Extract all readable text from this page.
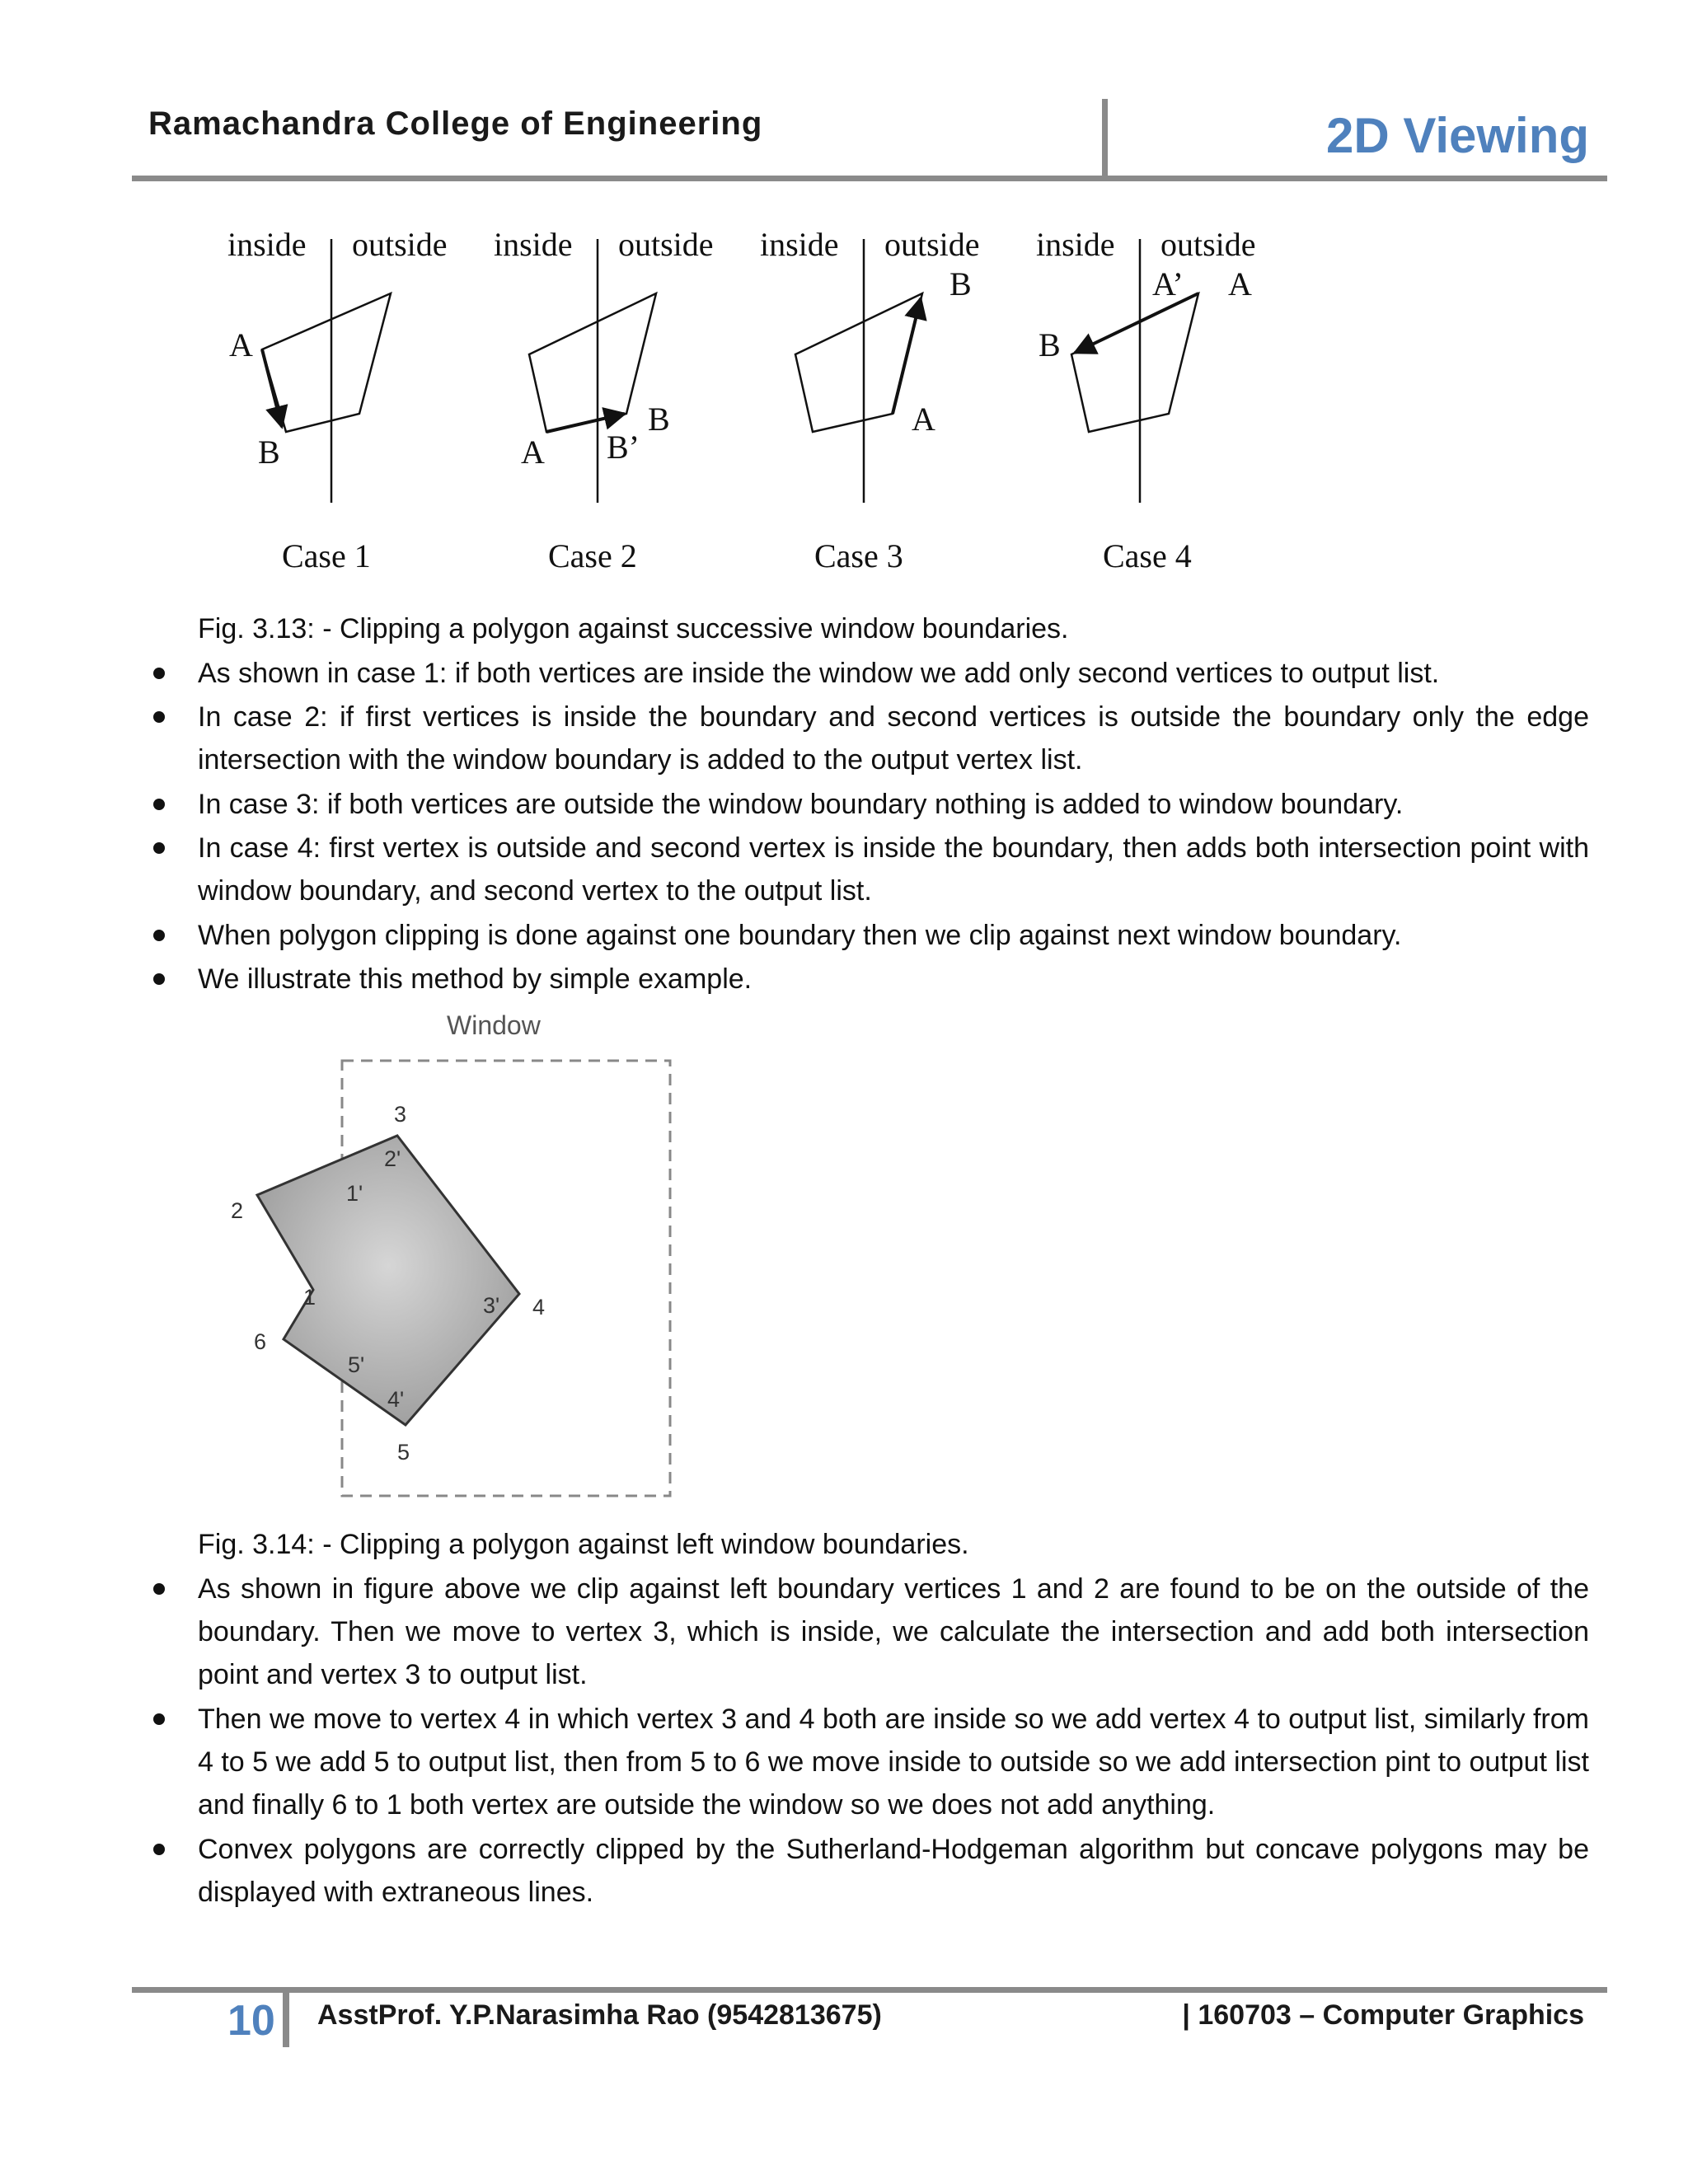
Ramachandra College of Engineering	2D Viewing
inside outside
A
B
Case 1
inside outside
A B’
B
Case 2
inside outside
B
A
Case 3
inside outside
A’ A
B
Case 4
Fig. 3.13: - Clipping a polygon against successive window boundaries.
As shown in case 1: if both vertices are inside the window we add only second vertices to output list.
In case 2: if first vertices is inside the boundary and second vertices is outside the boundary only the edge intersection with the window boundary is added to the output vertex list.
In case 3: if both vertices are outside the window boundary nothing is added to window boundary.
In case 4: first vertex is outside and second vertex is inside the boundary, then adds both intersection point with window boundary, and second vertex to the output list.
When polygon clipping is done against one boundary then we clip against next window boundary.
We illustrate this method by simple example.
Window
1
2
3
4
5
6
1'
2'
3'
4'
5'
Fig. 3.14: - Clipping a polygon against left window boundaries.
As shown in figure above we clip against left boundary vertices 1 and 2 are found to be on the outside of the boundary. Then we move to vertex 3, which is inside, we calculate the intersection and add both intersection point and vertex 3 to output list.
Then we move to vertex 4 in which vertex 3 and 4 both are inside so we add vertex 4 to output list, similarly from 4 to 5 we add 5 to output list, then from 5 to 6 we move inside to outside so we add intersection pint to output list and finally 6 to 1 both vertex are outside the window so we does not add anything.
Convex polygons are correctly clipped by the Sutherland-Hodgeman algorithm but concave polygons may be displayed with extraneous lines.
10 AsstProf. Y.P.Narasimha Rao (9542813675)	| 160703 – Computer Graphics
